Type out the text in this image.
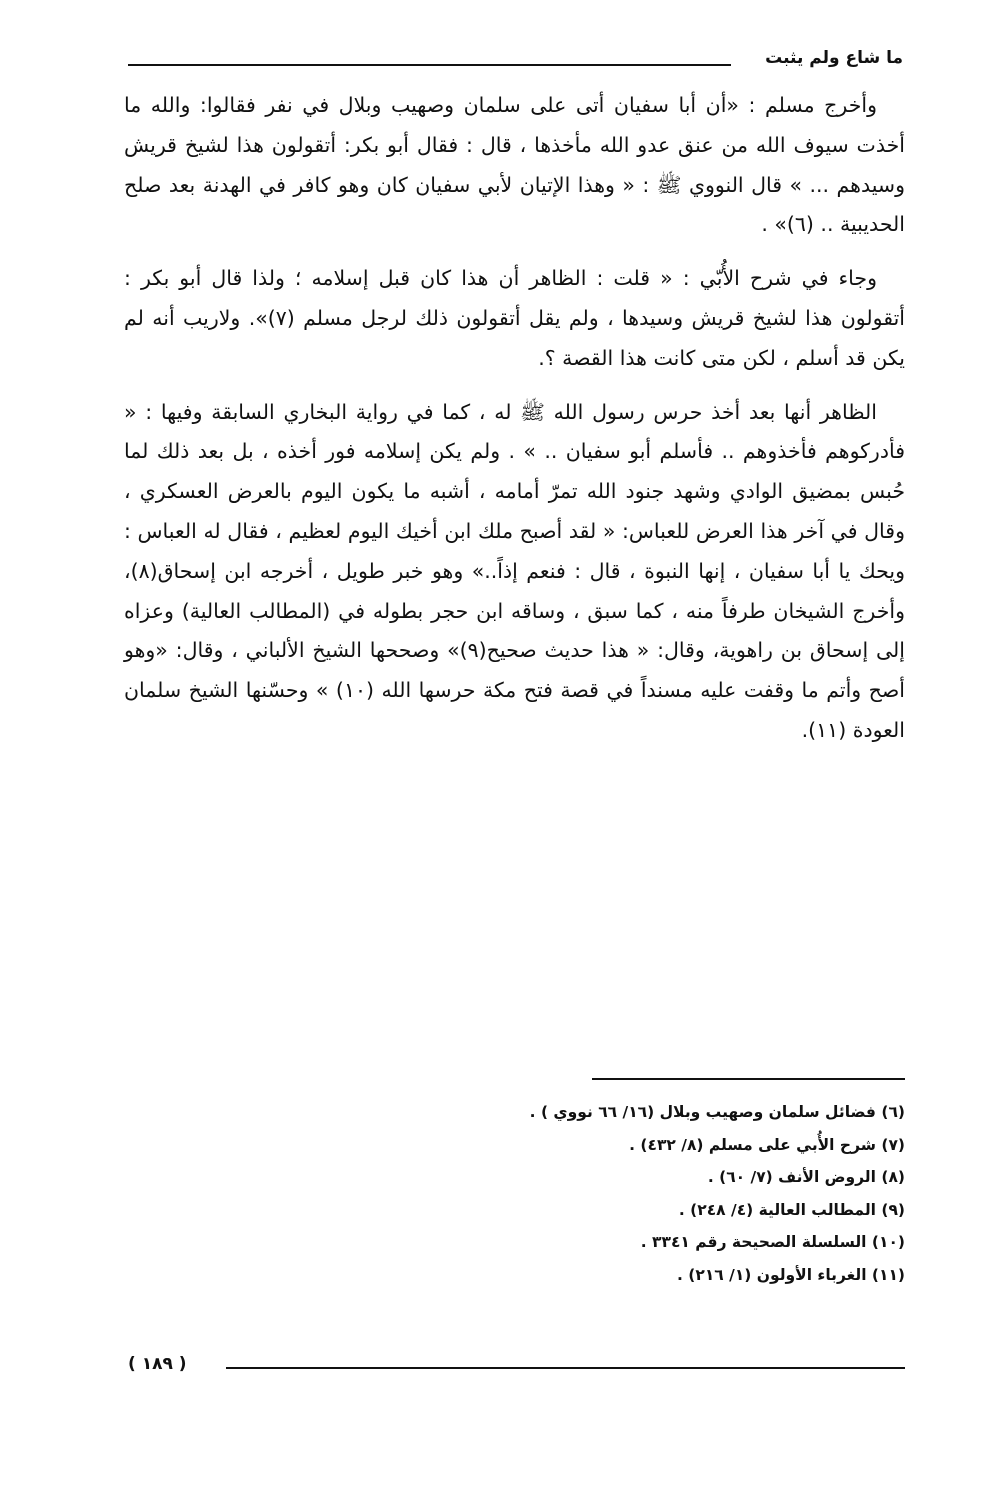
ما شاع ولم يثبت

وأخرج مسلم : «أن أبا سفيان أتى على سلمان وصهيب وبلال في نفر فقالوا: والله ما أخذت سيوف الله من عنق عدو الله مأخذها ، قال : فقال أبو بكر: أتقولون هذا لشيخ قريش وسيدهم ... » قال النووي ﷺ : « وهذا الإتيان لأبي سفيان كان وهو كافر في الهدنة بعد صلح الحديبية .. (٦)» .

وجاء في شرح الأُبّي : « قلت : الظاهر أن هذا كان قبل إسلامه ؛ ولذا قال أبو بكر : أتقولون هذا لشيخ قريش وسيدها ، ولم يقل أتقولون ذلك لرجل مسلم (٧)». ولاريب أنه لم يكن قد أسلم ، لكن متى كانت هذا القصة ؟.

الظاهر أنها بعد أخذ حرس رسول الله ﷺ له ، كما في رواية البخاري السابقة وفيها : « فأدركوهم فأخذوهم .. فأسلم أبو سفيان .. » . ولم يكن إسلامه فور أخذه ، بل بعد ذلك لما حُبس بمضيق الوادي وشهد جنود الله تمرّ أمامه ، أشبه ما يكون اليوم بالعرض العسكري ، وقال في آخر هذا العرض للعباس: « لقد أصبح ملك ابن أخيك اليوم لعظيم ، فقال له العباس : ويحك يا أبا سفيان ، إنها النبوة ، قال : فنعم إذاً..» وهو خبر طويل ، أخرجه ابن إسحاق(٨)، وأخرج الشيخان طرفاً منه ، كما سبق ، وساقه ابن حجر بطوله في (المطالب العالية) وعزاه إلى إسحاق بن راهوية، وقال: « هذا حديث صحيح(٩)» وصححها الشيخ الألباني ، وقال: «وهو أصح وأتم ما وقفت عليه مسنداً في قصة فتح مكة حرسها الله (١٠) » وحسّنها الشيخ سلمان العودة (١١).

(٦) فضائل سلمان وصهيب وبلال (١٦/ ٦٦ نووي ) .

(٧) شرح الأُبي على مسلم (٨/ ٤٣٢) .

(٨) الروض الأنف (٧/ ٦٠) .

(٩) المطالب العالية (٤/ ٢٤٨) .

(١٠) السلسلة الصحيحة رقم ٣٣٤١ .

(١١) الغرباء الأولون (١/ ٢١٦) .

( ١٨٩ )
